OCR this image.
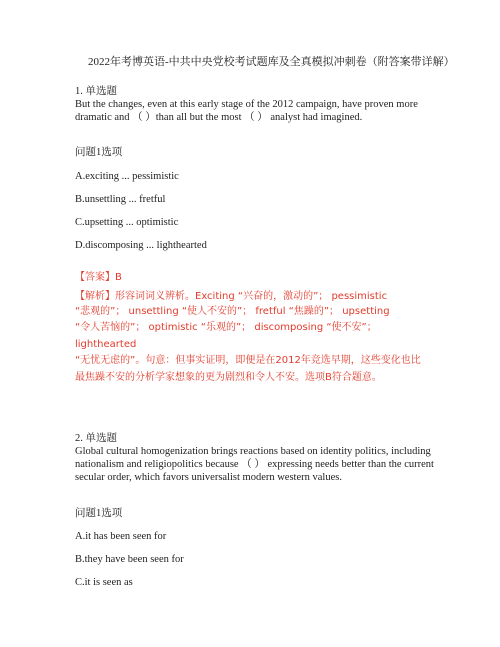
2022年考博英语-中共中央党校考试题库及全真模拟冲刺卷（附答案带详解）
1. 单选题
But the changes, even at this early stage of the 2012 campaign, have proven more
dramatic and （ ）than all but the most （ ） analyst had imagined.
问题1选项
A.exciting ... pessimistic
B.unsettling ... fretful
C.upsetting ... optimistic
D.discomposing ... lighthearted
【答案】B
【解析】形容词词义辨析。Exciting “兴奋的，激动的”； pessimistic
“悲观的”； unsettling “使人不安的”； fretful “焦躁的”； upsetting
“令人苦恼的”； optimistic “乐观的”； discomposing “使不安”；
lighthearted
“无忧无虑的”。句意：但事实证明，即便是在2012年竞选早期，这些变化也比
最焦躁不安的分析学家想象的更为剧烈和令人不安。选项B符合题意。
2. 单选题
Global cultural homogenization brings reactions based on identity politics, including
nationalism and religiopolitics because （ ） expressing needs better than the current
secular order, which favors universalist modern western values.
问题1选项
A.it has been seen for
B.they have been seen for
C.it is seen as
